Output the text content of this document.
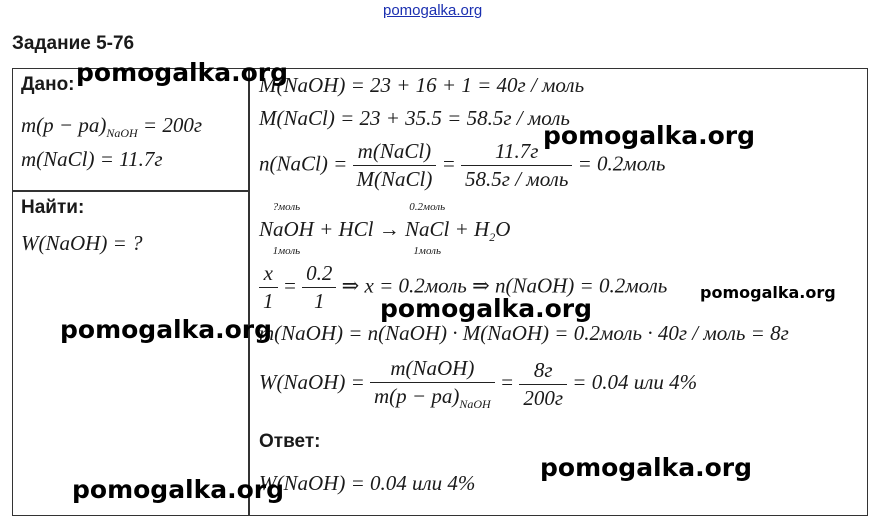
pomogalka.org
Задание 5-76
Дано:
$m(p - pa)_{NaOH} = 200г$
m(NaCl) = 11.7г
Найти:
W(NaOH) = ?
M(NaOH) = 23 + 16 + 1 = 40г / моль
M(NaCl) = 23 + 35.5 = 58.5г / моль
n(NaCl) = $\frac{\text{m(NaCl)}}{\text{M(NaCl)}} = \frac{11.7г}{\text{58.5г / моль}}$ = 0.2моль
?моль
NaOH
1моль
+ HCl →
0.2моль
NaCl
1моль
+ $H_2O$
$\frac{x}{1} = \frac{0.2}{1}$ ⇒ x = 0.2моль ⇒ n(NaOH) = 0.2моль
m(NaOH) = n(NaOH) · M(NaOH) = 0.2моль · 40г / моль = 8г
W(NaOH) = $\frac{\text{m(NaOH)}}{m(p - pa)_{NaOH}} = \frac{8г}{200г} = 0.04$ или 4%
Ответ:
W(NaOH) = 0.04 или 4%
pomogalka.org
pomogalka.org
pomogalka.org
pomogalka.org
pomogalka.org
pomogalka.org
pomogalka.org
